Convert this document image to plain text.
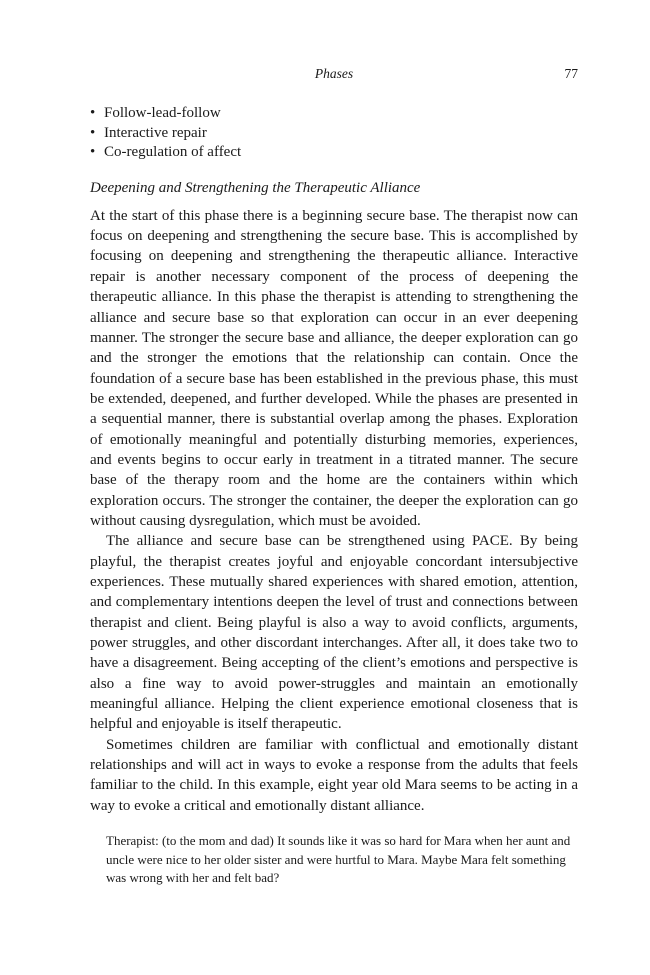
Phases	77
• Follow-lead-follow
• Interactive repair
• Co-regulation of affect
Deepening and Strengthening the Therapeutic Alliance

At the start of this phase there is a beginning secure base. The therapist now can focus on deepening and strengthening the secure base. This is accomplished by focusing on deepening and strengthening the therapeutic alliance. Interactive repair is another necessary component of the process of deepening the therapeutic alliance. In this phase the therapist is attending to strengthening the alliance and secure base so that exploration can occur in an ever deepening manner. The stronger the secure base and alliance, the deeper exploration can go and the stronger the emotions that the relationship can contain. Once the foundation of a secure base has been established in the previous phase, this must be extended, deepened, and further developed. While the phases are presented in a sequential manner, there is substantial overlap among the phases. Exploration of emotionally meaningful and potentially disturbing memories, experiences, and events begins to occur early in treatment in a titrated manner. The secure base of the therapy room and the home are the containers within which exploration occurs. The stronger the container, the deeper the exploration can go without causing dysregulation, which must be avoided.

The alliance and secure base can be strengthened using PACE. By being playful, the therapist creates joyful and enjoyable concordant intersubjective experiences. These mutually shared experiences with shared emotion, attention, and complementary intentions deepen the level of trust and connections between therapist and client. Being playful is also a way to avoid conflicts, arguments, power struggles, and other discordant interchanges. After all, it does take two to have a disagreement. Being accepting of the client’s emotions and perspective is also a fine way to avoid power-struggles and maintain an emotionally meaningful alliance. Helping the client experience emotional closeness that is helpful and enjoyable is itself therapeutic.

Sometimes children are familiar with conflictual and emotionally distant relationships and will act in ways to evoke a response from the adults that feels familiar to the child. In this example, eight year old Mara seems to be acting in a way to evoke a critical and emotionally distant alliance.

Therapist: (to the mom and dad) It sounds like it was so hard for Mara when her aunt and uncle were nice to her older sister and were hurtful to Mara. Maybe Mara felt something was wrong with her and felt bad?
